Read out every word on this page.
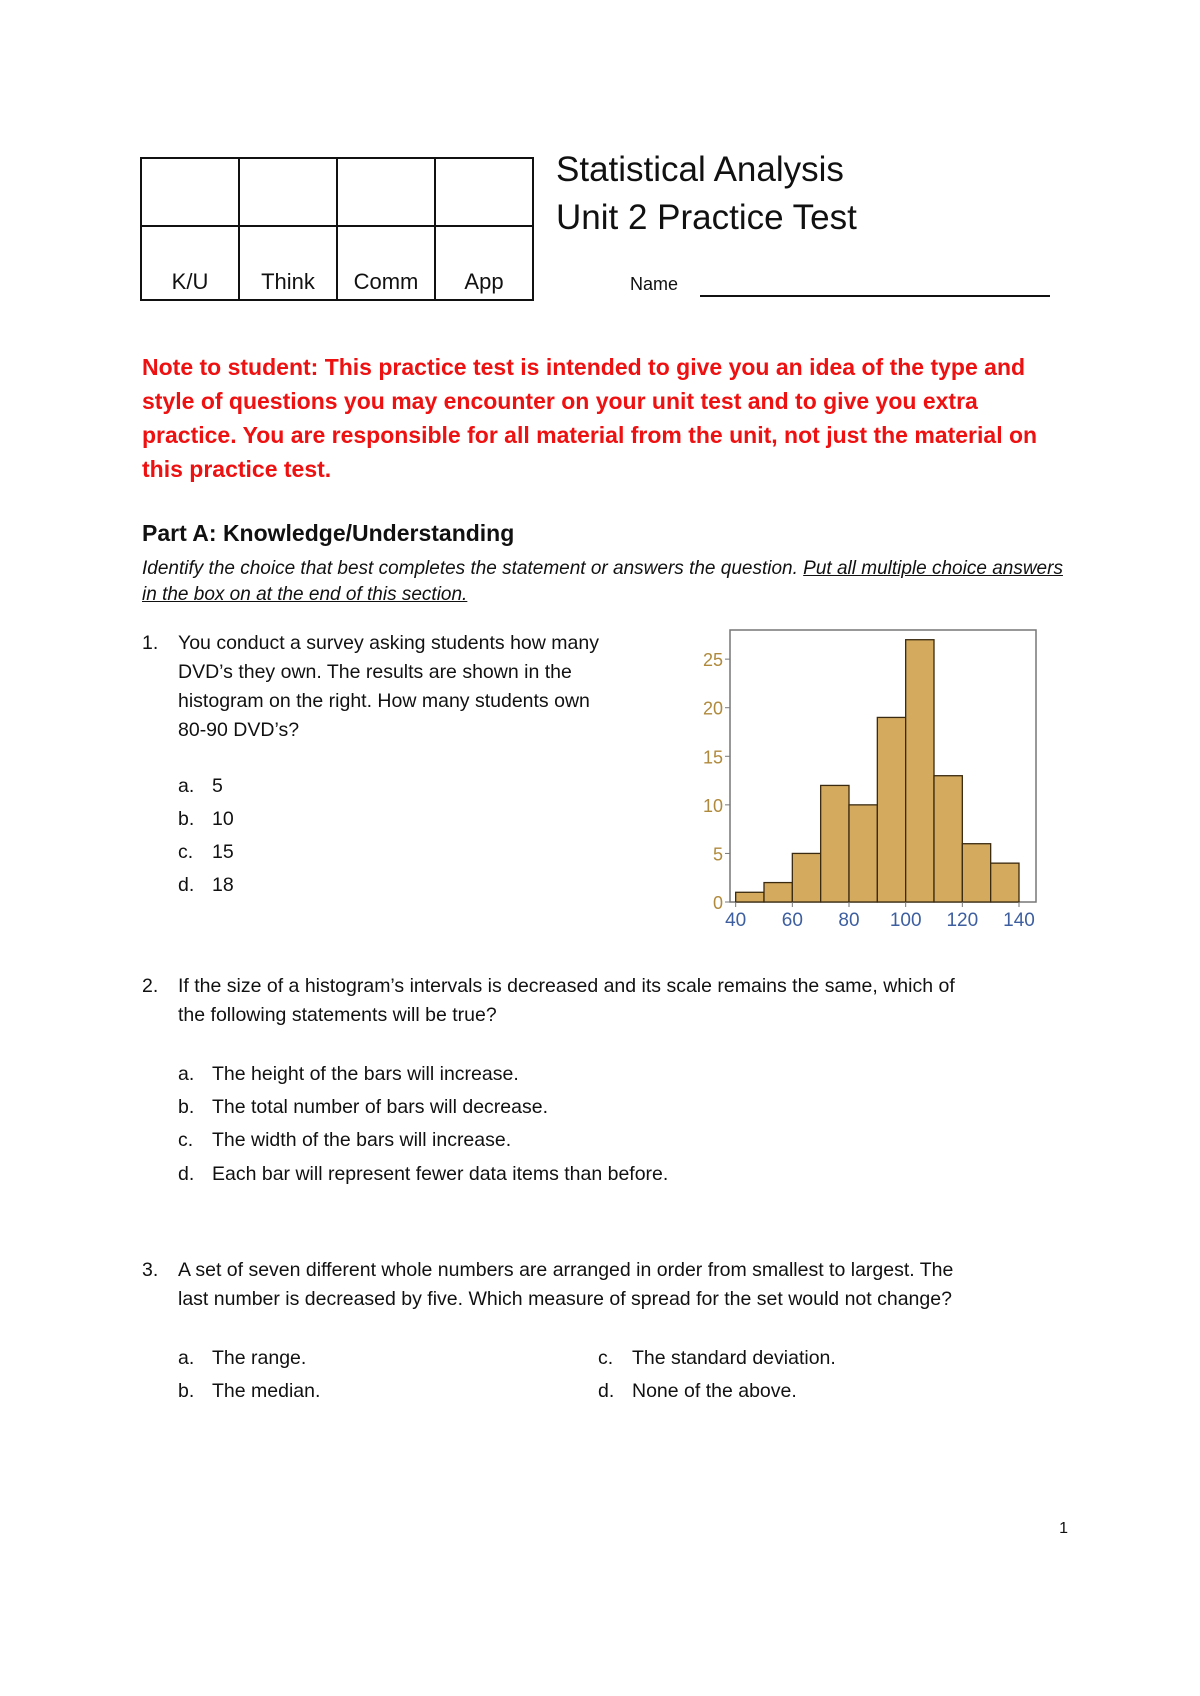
K/U	Think	Comm	App
Statistical Analysis
Unit 2 Practice Test
Name
Note to student: This practice test is intended to give you an idea of the type and style of questions you may encounter on your unit test and to give you extra practice. You are responsible for all material from the unit, not just the material on this practice test.
Part A: Knowledge/Understanding
Identify the choice that best completes the statement or answers the question. Put all multiple choice answers in the box on at the end of this section.
1. You conduct a survey asking students how many
DVD’s they own. The results are shown in the
histogram on the right. How many students own
80-90 DVD’s?
a. 5
b. 10
c. 15
d. 18
0
5
10
15
20
25
40 60 80 100 120 140
2. If the size of a histogram’s intervals is decreased and its scale remains the same, which of
the following statements will be true?
a. The height of the bars will increase.
b. The total number of bars will decrease.
c. The width of the bars will increase.
d. Each bar will represent fewer data items than before.
3. A set of seven different whole numbers are arranged in order from smallest to largest. The
last number is decreased by five. Which measure of spread for the set would not change?
a. The range.
b. The median.
c. The standard deviation.
d. None of the above.
1
